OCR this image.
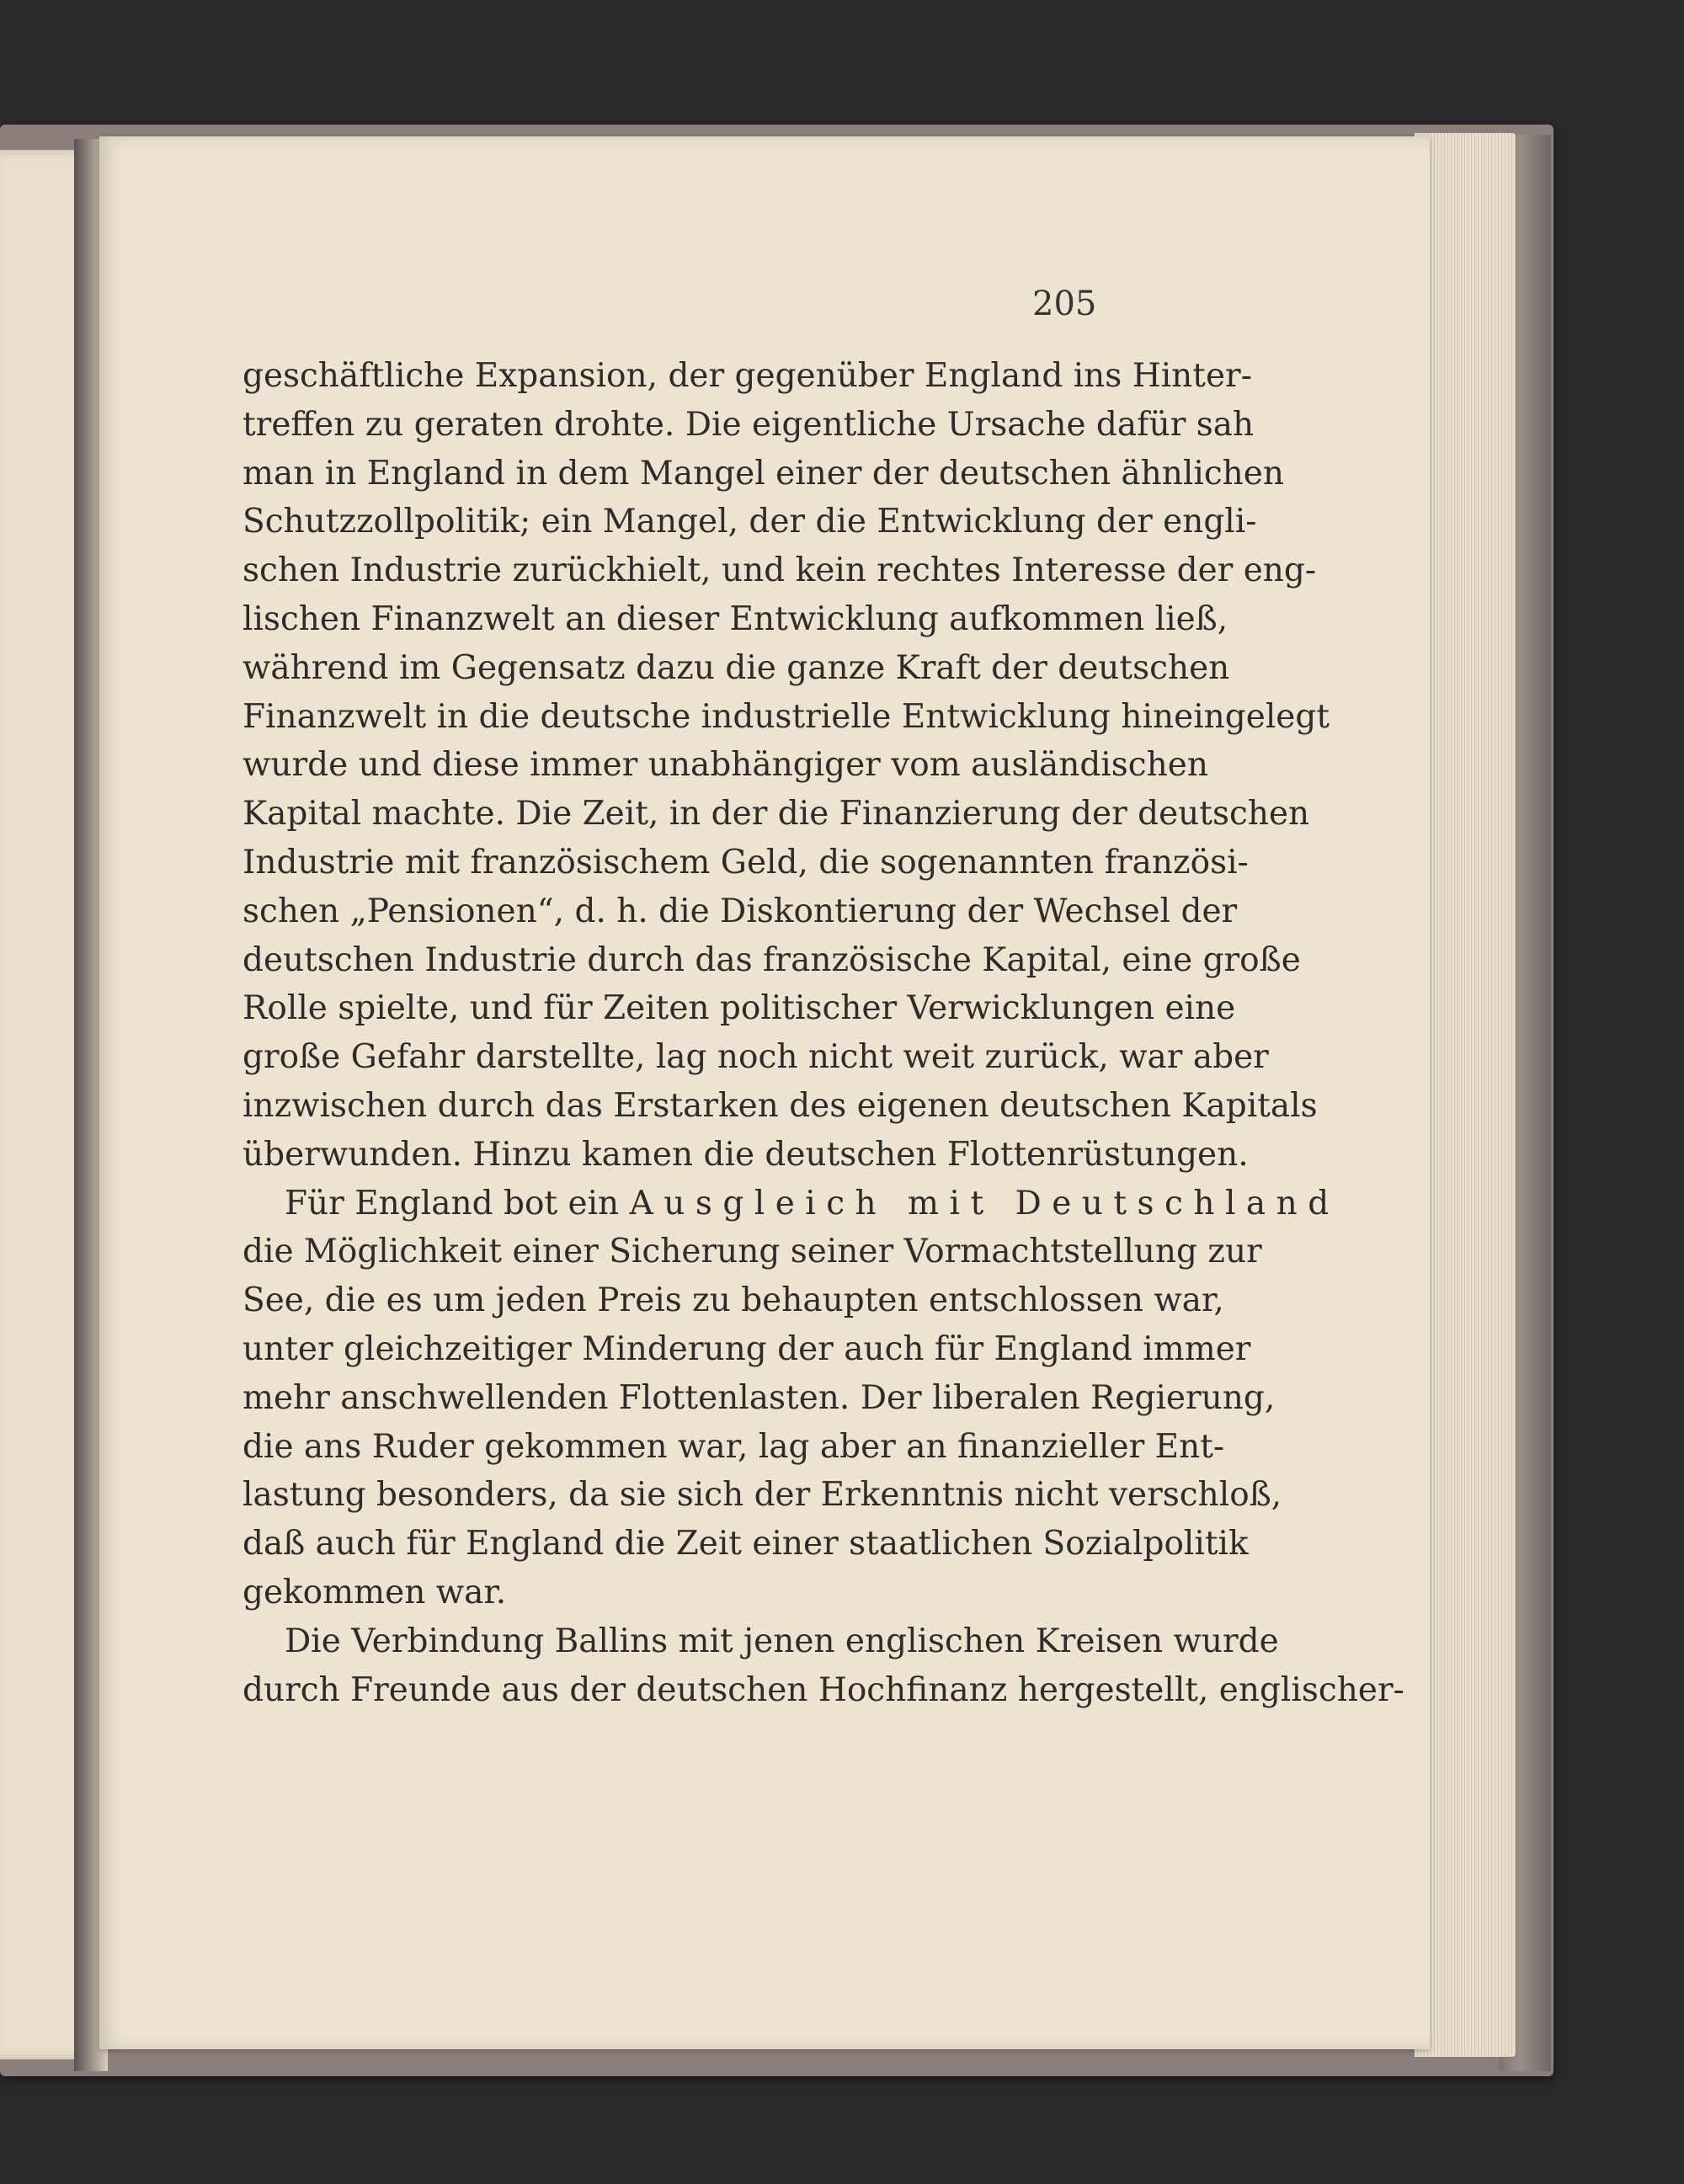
205
geschäftliche Expansion, der gegenüber England ins Hinter-
treffen zu geraten drohte. Die eigentliche Ursache dafür sah
man in England in dem Mangel einer der deutschen ähnlichen
Schutzzollpolitik; ein Mangel, der die Entwicklung der engli-
schen Industrie zurückhielt, und kein rechtes Interesse der eng-
lischen Finanzwelt an dieser Entwicklung aufkommen ließ,
während im Gegensatz dazu die ganze Kraft der deutschen
Finanzwelt in die deutsche industrielle Entwicklung hineingelegt
wurde und diese immer unabhängiger vom ausländischen
Kapital machte. Die Zeit, in der die Finanzierung der deutschen
Industrie mit französischem Geld, die sogenannten französi-
schen „Pensionen“, d. h. die Diskontierung der Wechsel der
deutschen Industrie durch das französische Kapital, eine große
Rolle spielte, und für Zeiten politischer Verwicklungen eine
große Gefahr darstellte, lag noch nicht weit zurück, war aber
inzwischen durch das Erstarken des eigenen deutschen Kapitals
überwunden. Hinzu kamen die deutschen Flottenrüstungen.
Für England bot ein Ausgleich mit Deutschland
die Möglichkeit einer Sicherung seiner Vormachtstellung zur
See, die es um jeden Preis zu behaupten entschlossen war,
unter gleichzeitiger Minderung der auch für England immer
mehr anschwellenden Flottenlasten. Der liberalen Regierung,
die ans Ruder gekommen war, lag aber an finanzieller Ent-
lastung besonders, da sie sich der Erkenntnis nicht verschloß,
daß auch für England die Zeit einer staatlichen Sozialpolitik
gekommen war.
Die Verbindung Ballins mit jenen englischen Kreisen wurde
durch Freunde aus der deutschen Hochfinanz hergestellt, englischer-
